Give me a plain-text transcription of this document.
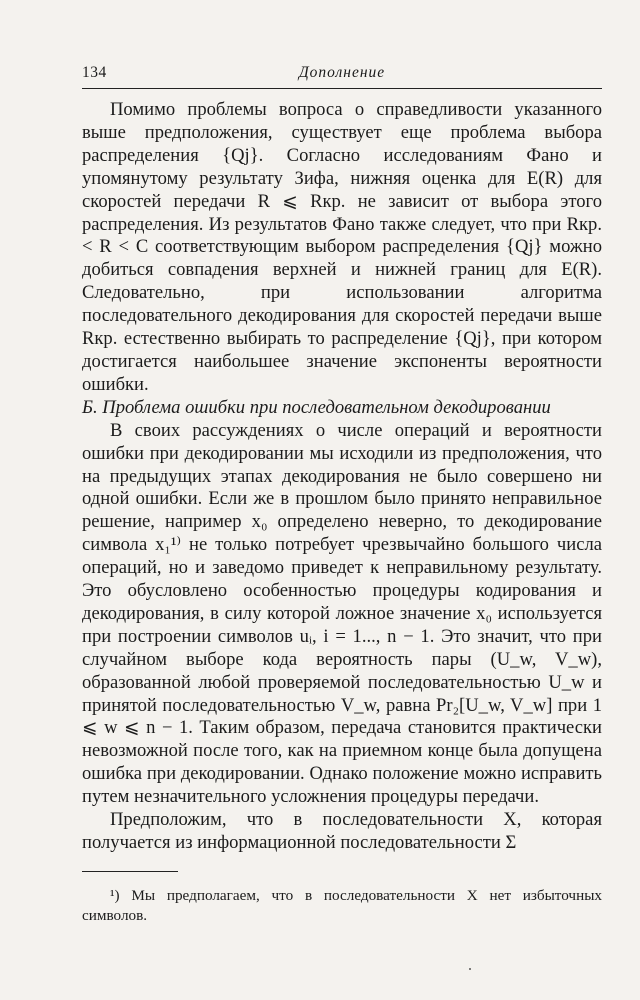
134	Дополнение

Помимо проблемы вопроса о справедливости указанного выше предположения, существует еще проблема выбора распределения {Qj}. Согласно исследованиям Фано и упомянутому результату Зифа, нижняя оценка для E(R) для скоростей передачи R ⩽ Rкр. не зависит от выбора этого распределения. Из результатов Фано также следует, что при Rкр. < R < C соответствующим выбором распределения {Qj} можно добиться совпадения верхней и нижней границ для E(R). Следовательно, при использовании алгоритма последовательного декодирования для скоростей передачи выше Rкр. естественно выбирать то распределение {Qj}, при котором достигается наибольшее значение экспоненты вероятности ошибки.

Б. Проблема ошибки при последовательном декодировании

В своих рассуждениях о числе операций и вероятности ошибки при декодировании мы исходили из предположения, что на предыдущих этапах декодирования не было совершено ни одной ошибки. Если же в прошлом было принято неправильное решение, например x₀ определено неверно, то декодирование символа x₁¹⁾ не только потребует чрезвычайно большого числа операций, но и заведомо приведет к неправильному результату. Это обусловлено особенностью процедуры кодирования и декодирования, в силу которой ложное значение x₀ используется при построении символов uᵢ, i = 1..., n − 1. Это значит, что при случайном выборе кода вероятность пары (U_w, V_w), образованной любой проверяемой последовательностью U_w и принятой последовательностью V_w, равна Pr₂[U_w, V_w] при 1 ⩽ w ⩽ n − 1. Таким образом, передача становится практически невозможной после того, как на приемном конце была допущена ошибка при декодировании. Однако положение можно исправить путем незначительного усложнения процедуры передачи.

Предположим, что в последовательности X, которая получается из информационной последовательности Σ

¹) Мы предполагаем, что в последовательности X нет избыточных символов.
